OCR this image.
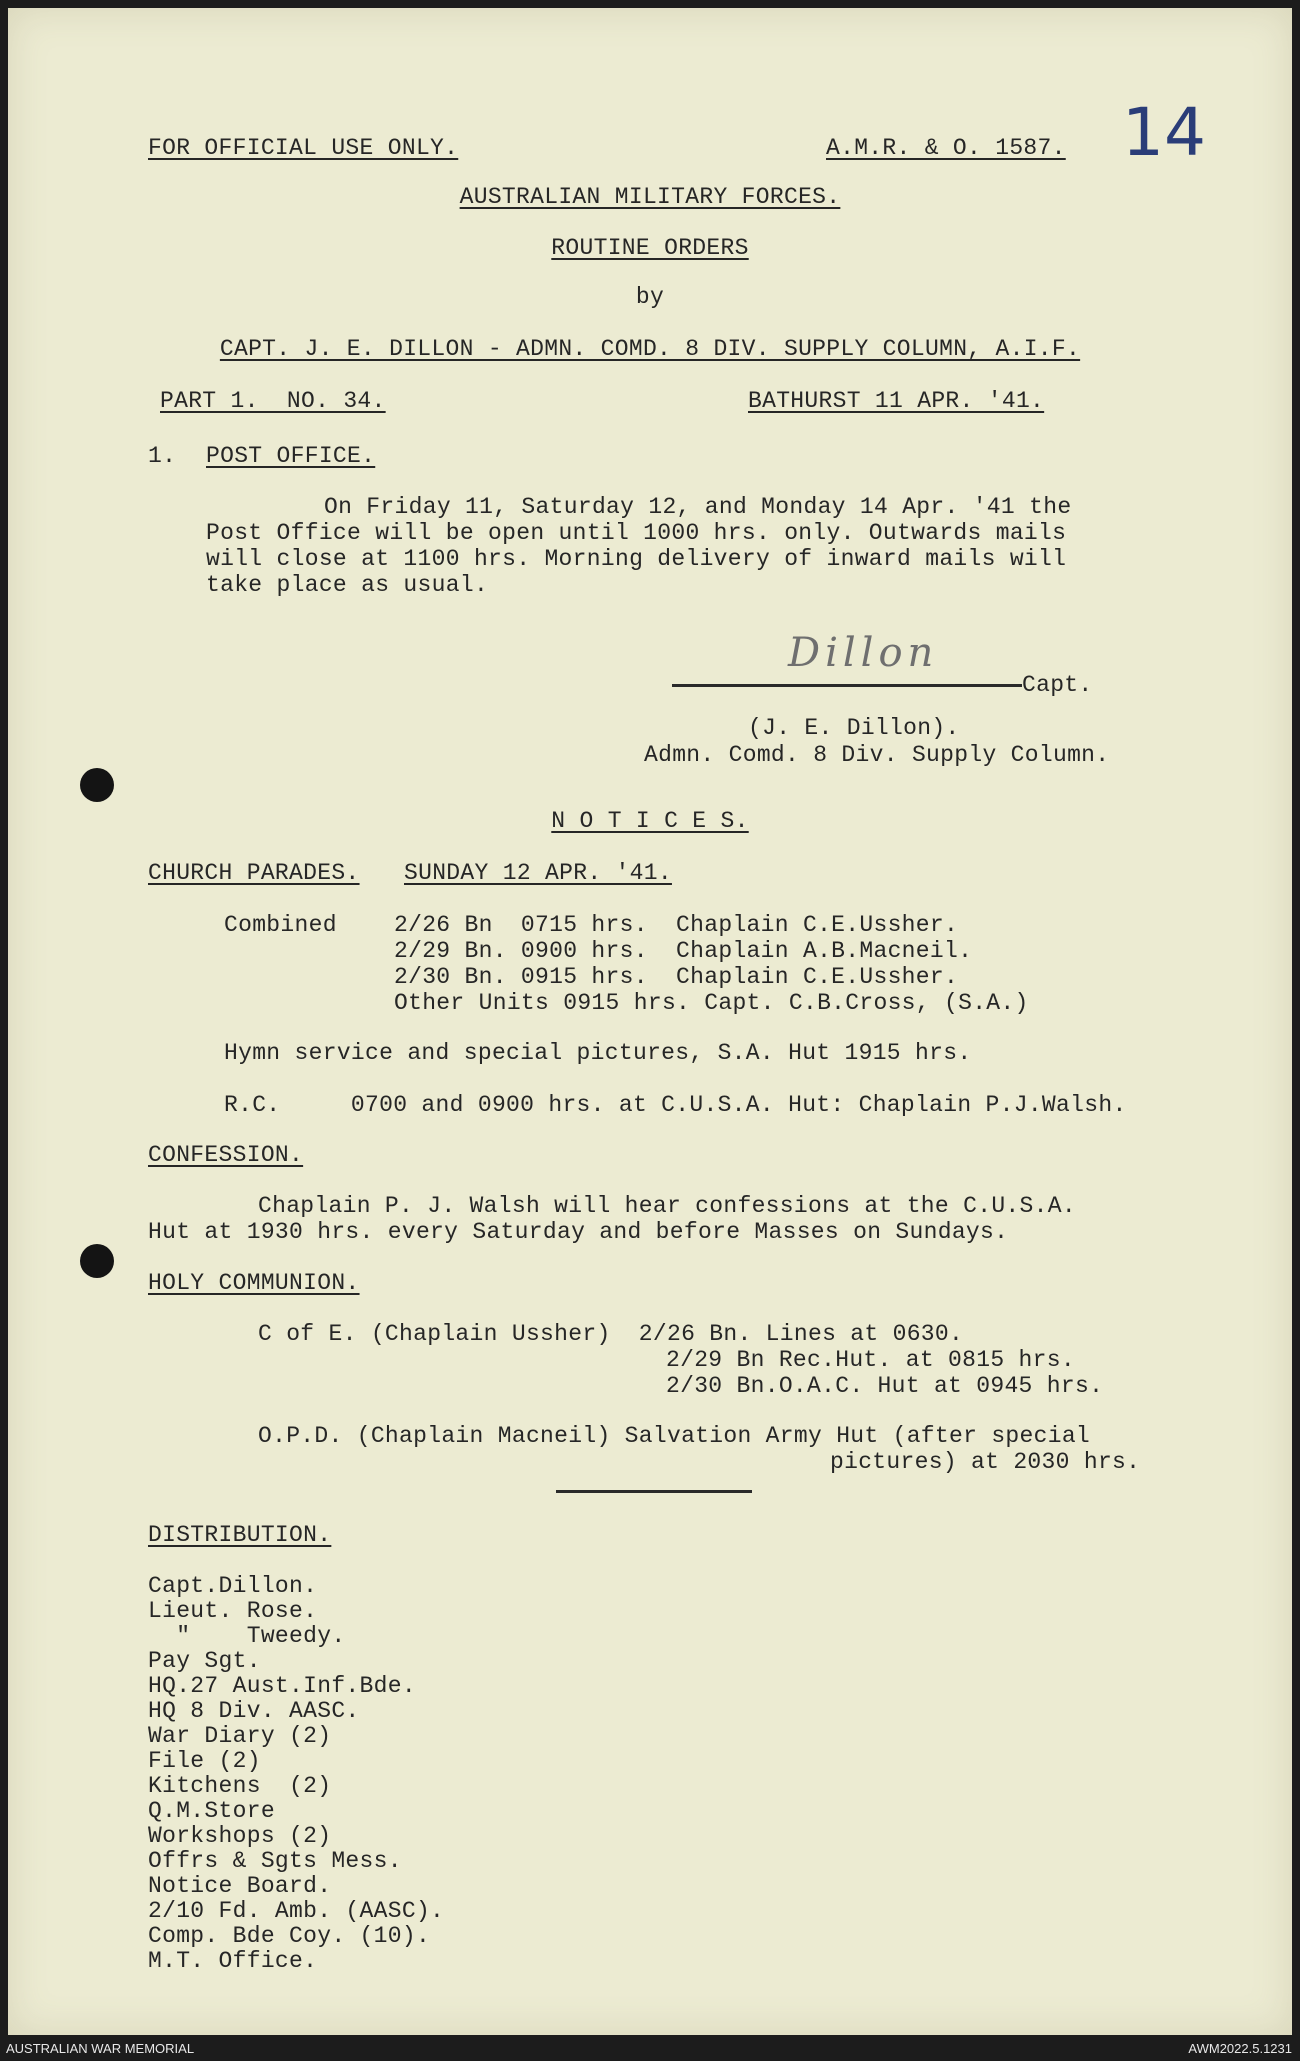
FOR OFFICIAL USE ONLY.	A.M.R. & O. 1587. 14
AUSTRALIAN MILITARY FORCES.
ROUTINE ORDERS
by
CAPT. J. E. DILLON - ADMN. COMD. 8 DIV. SUPPLY COLUMN, A.I.F.
PART 1.  NO. 34.	BATHURST 11 APR. '41.
1. POST OFFICE.
On Friday 11, Saturday 12, and Monday 14 Apr. '41 the
Post Office will be open until 1000 hrs. only. Outwards mails
will close at 1100 hrs. Morning delivery of inward mails will
take place as usual.
Dillon
Capt.
(J. E. Dillon).
Admn. Comd. 8 Div. Supply Column.
N O T I C E S.
CHURCH PARADES. SUNDAY 12 APR. '41.
Combined 2/26 Bn  0715 hrs.  Chaplain C.E.Ussher.
2/29 Bn. 0900 hrs.  Chaplain A.B.Macneil.
2/30 Bn. 0915 hrs.  Chaplain C.E.Ussher.
Other Units 0915 hrs. Capt. C.B.Cross, (S.A.)
Hymn service and special pictures, S.A. Hut 1915 hrs.
R.C.     0700 and 0900 hrs. at C.U.S.A. Hut: Chaplain P.J.Walsh.
CONFESSION.
Chaplain P. J. Walsh will hear confessions at the C.U.S.A.
Hut at 1930 hrs. every Saturday and before Masses on Sundays.
HOLY COMMUNION.
C of E. (Chaplain Ussher)  2/26 Bn. Lines at 0630.
2/29 Bn Rec.Hut. at 0815 hrs.
2/30 Bn.O.A.C. Hut at 0945 hrs.
O.P.D. (Chaplain Macneil) Salvation Army Hut (after special
pictures) at 2030 hrs.
DISTRIBUTION.
Capt.Dillon.
Lieut. Rose.
"    Tweedy.
Pay Sgt.
HQ.27 Aust.Inf.Bde.
HQ 8 Div. AASC.
War Diary (2)
File (2)
Kitchens  (2)
Q.M.Store
Workshops (2)
Offrs & Sgts Mess.
Notice Board.
2/10 Fd. Amb. (AASC).
Comp. Bde Coy. (10).
M.T. Office.
AUSTRALIAN WAR MEMORIAL	AWM2022.5.1231
